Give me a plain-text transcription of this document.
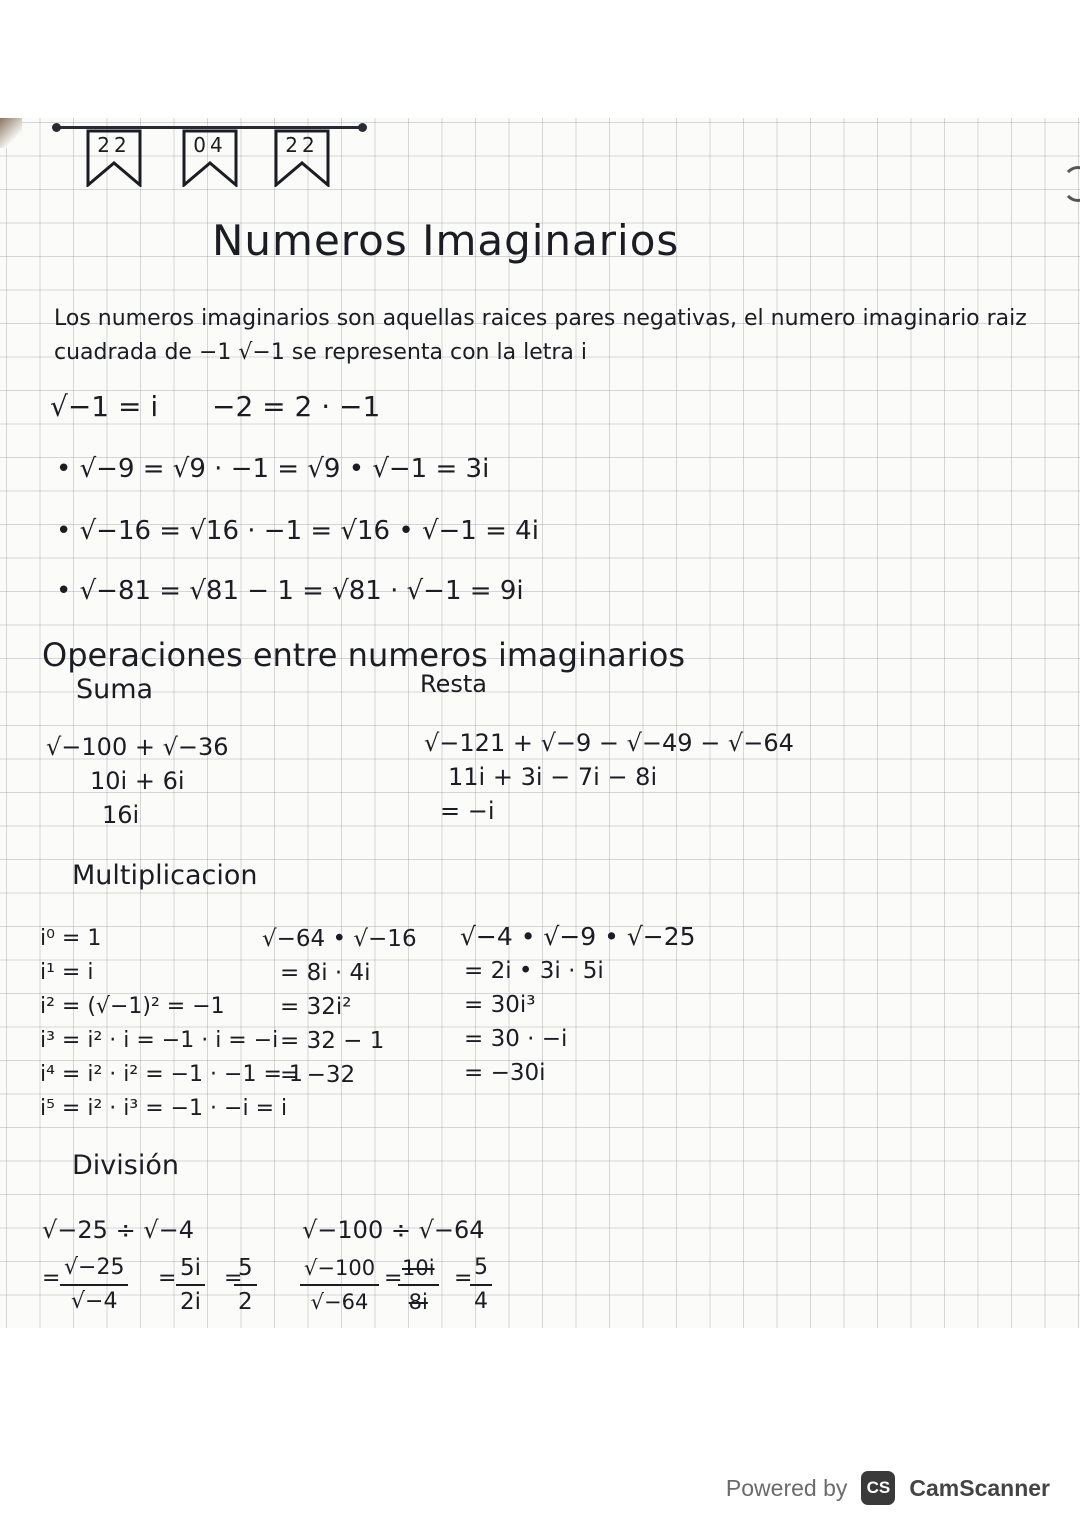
22	04	22
Numeros Imaginarios
Los numeros imaginarios son aquellas raices pares negativas, el numero imaginario raiz
cuadrada de −1 √−1 se representa con la letra i
√−1 = i −2 = 2 · −1
• √−9 = √9 · −1 = √9 • √−1 = 3i
• √−16 = √16 · −1 = √16 • √−1 = 4i
• √−81 = √81 − 1 = √81 · √−1 = 9i
Operaciones entre numeros imaginarios
Suma	Resta
√−100 + √−36
10i + 6i
16i
√−121 + √−9 − √−49 − √−64
11i + 3i − 7i − 8i
= −i
Multiplicacion
i⁰ = 1
i¹ = i
i² = (√−1)² = −1
i³ = i² · i = −1 · i = −i
i⁴ = i² · i² = −1 · −1 = 1
i⁵ = i² · i³ = −1 · −i = i
√−64 • √−16
= 8i · 4i
= 32i²
= 32 − 1
= −32
√−4 • √−9 • √−25
= 2i • 3i · 5i
= 30i³
= 30 · −i
= −30i
División
√−25 ÷ √−4
= $\frac{√-25}{√-4} = \frac{5i}{2i}$ =
$\frac{5}{2}$
√−100 ÷ √−64
$\frac{√-100}{√-64}$ =
$\frac{10i}{8i}$ =
$\frac{5}{4}$
Powered by	CS CamScanner
